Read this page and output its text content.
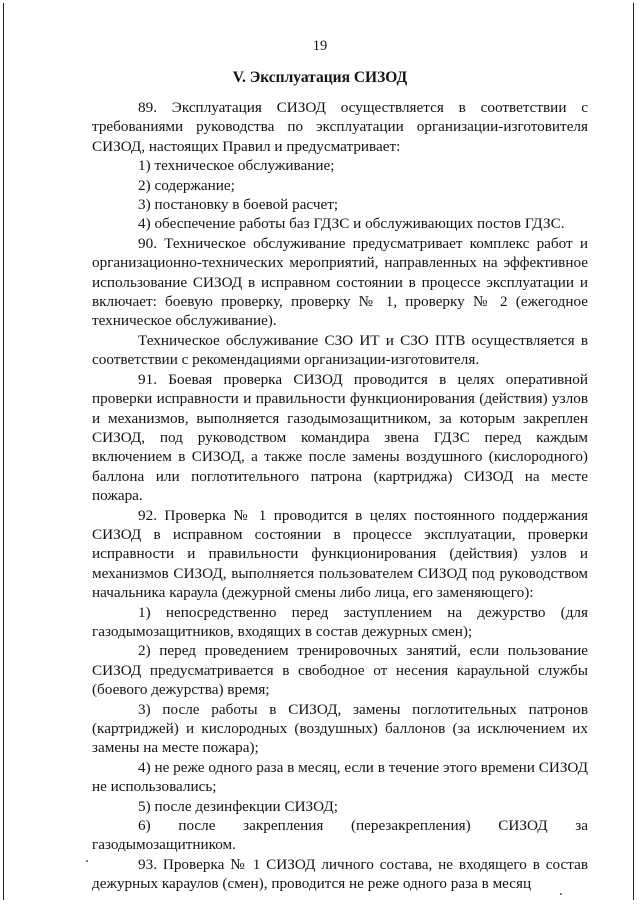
19
V. Эксплуатация СИЗОД

89. Эксплуатация СИЗОД осуществляется в соответствии с требованиями руководства по эксплуатации организации-изготовителя СИЗОД, настоящих Правил и предусматривает:

1) техническое обслуживание;

2) содержание;

3) постановку в боевой расчет;

4) обеспечение работы баз ГДЗС и обслуживающих постов ГДЗС.

90. Техническое обслуживание предусматривает комплекс работ и организационно-технических мероприятий, направленных на эффективное использование СИЗОД в исправном состоянии в процессе эксплуатации и включает: боевую проверку, проверку № 1, проверку № 2 (ежегодное техническое обслуживание).

Техническое обслуживание СЗО ИТ и СЗО ПТВ осуществляется в соответствии с рекомендациями организации-изготовителя.

91. Боевая проверка СИЗОД проводится в целях оперативной проверки исправности и правильности функционирования (действия) узлов и механизмов, выполняется газодымозащитником, за которым закреплен СИЗОД, под руководством командира звена ГДЗС перед каждым включением в СИЗОД, а также после замены воздушного (кислородного) баллона или поглотительного патрона (картриджа) СИЗОД на месте пожара.

92. Проверка № 1 проводится в целях постоянного поддержания СИЗОД в исправном состоянии в процессе эксплуатации, проверки исправности и правильности функционирования (действия) узлов и механизмов СИЗОД, выполняется пользователем СИЗОД под руководством начальника караула (дежурной смены либо лица, его заменяющего):

1) непосредственно перед заступлением на дежурство (для газодымозащитников, входящих в состав дежурных смен);

2) перед проведением тренировочных занятий, если пользование СИЗОД предусматривается в свободное от несения караульной службы (боевого дежурства) время;

3) после работы в СИЗОД, замены поглотительных патронов (картриджей) и кислородных (воздушных) баллонов (за исключением их замены на месте пожара);

4) не реже одного раза в месяц, если в течение этого времени СИЗОД не использовались;

5) после дезинфекции СИЗОД;

6) после закрепления (перезакрепления) СИЗОД за газодымозащитником.

93. Проверка № 1 СИЗОД личного состава, не входящего в состав дежурных караулов (смен), проводится не реже одного раза в месяц
